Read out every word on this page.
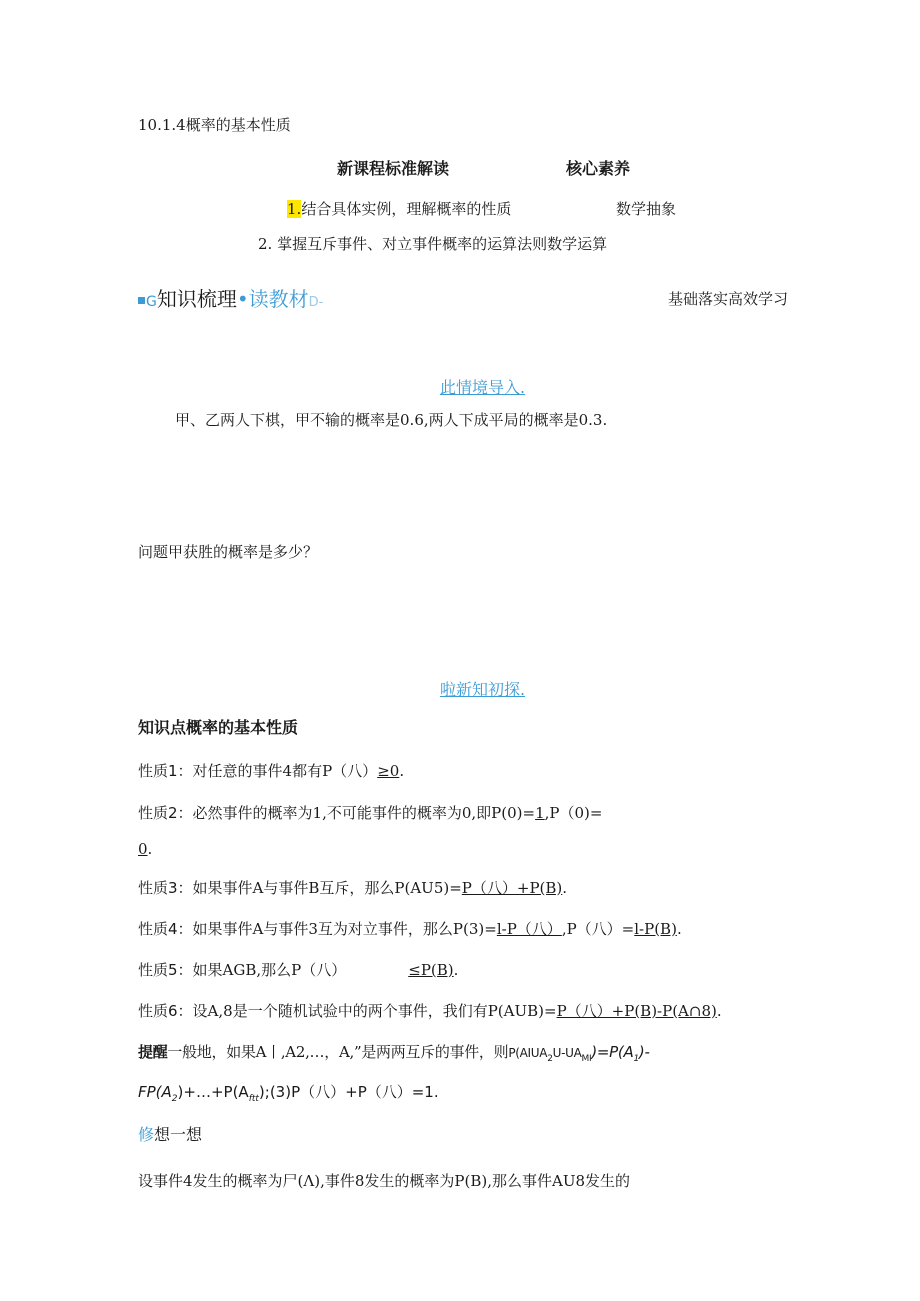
10.1.4概率的基本性质
新课程标准解读	核心素养
1.结合具体实例，理解概率的性质	数学抽象
2. 掌握互斥事件、对立事件概率的运算法则数学运算
G知识梳理•读教材D-	基础落实高效学习
此情境导入.
甲、乙两人下棋，甲不输的概率是0.6,两人下成平局的概率是0.3.
问题甲获胜的概率是多少？
啦新知初探.
知识点概率的基本性质
性质1：对任意的事件4都有P（八）≥0.
性质2：必然事件的概率为1,不可能事件的概率为0,即P(0)=1,P（0)=
0.
性质3：如果事件A与事件B互斥，那么P(AU5)=P（八）+P(B).
性质4：如果事件A与事件3互为对立事件，那么P(3)=l-P（八）,P（八）=l-P(B).
性质5：如果AGB,那么P（八）	≤P(B).
性质6：设A,8是一个随机试验中的两个事件，我们有P(AUB)=P（八）+P(B)-P(A∩8).
提醒一般地，如果A丨,A2,…，A,”是两两互斥的事件，则$P(AIUA_2U-UA_{MI})=P(A_1)-$
$FP(A_2)+\dots+P(A_{ftt});(3)P$（八）+P（八）=1.
修想一想
设事件4发生的概率为尸(Λ),事件8发生的概率为P(B),那么事件AU8发生的
